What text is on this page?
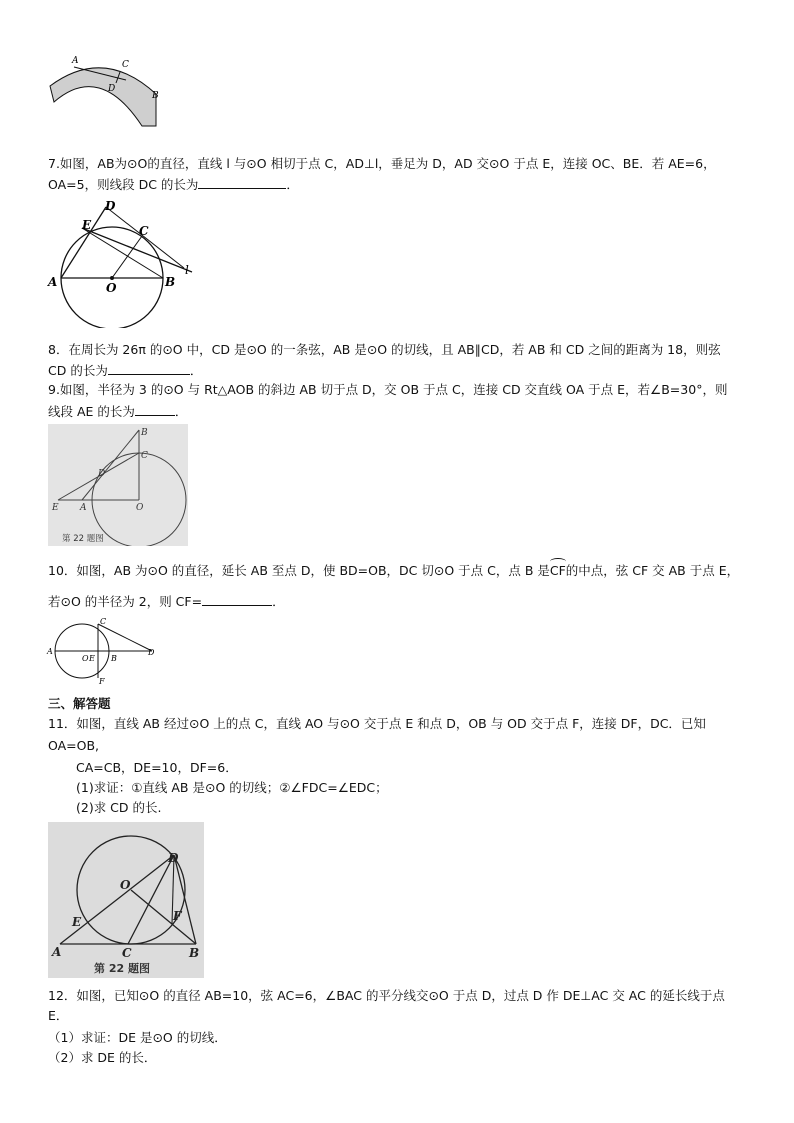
A	C
D
B
7.如图，AB为⊙O的直径，直线 l 与⊙O 相切于点 C，AD⊥l，垂足为 D，AD 交⊙O 于点 E，连接 OC、BE．若 AE=6，
OA=5，则线段 DC 的长为	．
D
E	C
A	O	B
l
8．在周长为 26π 的⊙O 中，CD 是⊙O 的一条弦，AB 是⊙O 的切线，且 AB∥CD，若 AB 和 CD 之间的距离为 18，则弦
CD 的长为	．
9.如图，半径为 3 的⊙O 与 Rt△AOB 的斜边 AB 切于点 D，交 OB 于点 C，连接 CD 交直线 OA 于点 E，若∠B=30°，则
线段 AE 的长为	．
B
C
D
E A	O
第 22 题图
10．如图，AB 为⊙O 的直径，延长 AB 至点 D，使 BD=OB，DC 切⊙O 于点 C，点 B 是
CF的中点，弦 CF 交 AB 于点 E，
若⊙O 的半径为 2，则 CF=	．
C
A
O E B
D
F
三、解答题
11．如图，直线 AB 经过⊙O 上的点 C，直线 AO 与⊙O 交于点 E 和点 D，OB 与 OD 交于点 F，连接 DF，DC．已知
OA=OB,
CA=CB，DE=10，DF=6．
(1)求证：①直线 AB 是⊙O 的切线；②∠FDC=∠EDC；
(2)求 CD 的长.
D
O
E	F
A	C	B
第 22 题图
12．如图，已知⊙O 的直径 AB=10，弦 AC=6，∠BAC 的平分线交⊙O 于点 D，过点 D 作 DE⊥AC 交 AC 的延长线于点
E．
（1）求证：DE 是⊙O 的切线．
（2）求 DE 的长．
